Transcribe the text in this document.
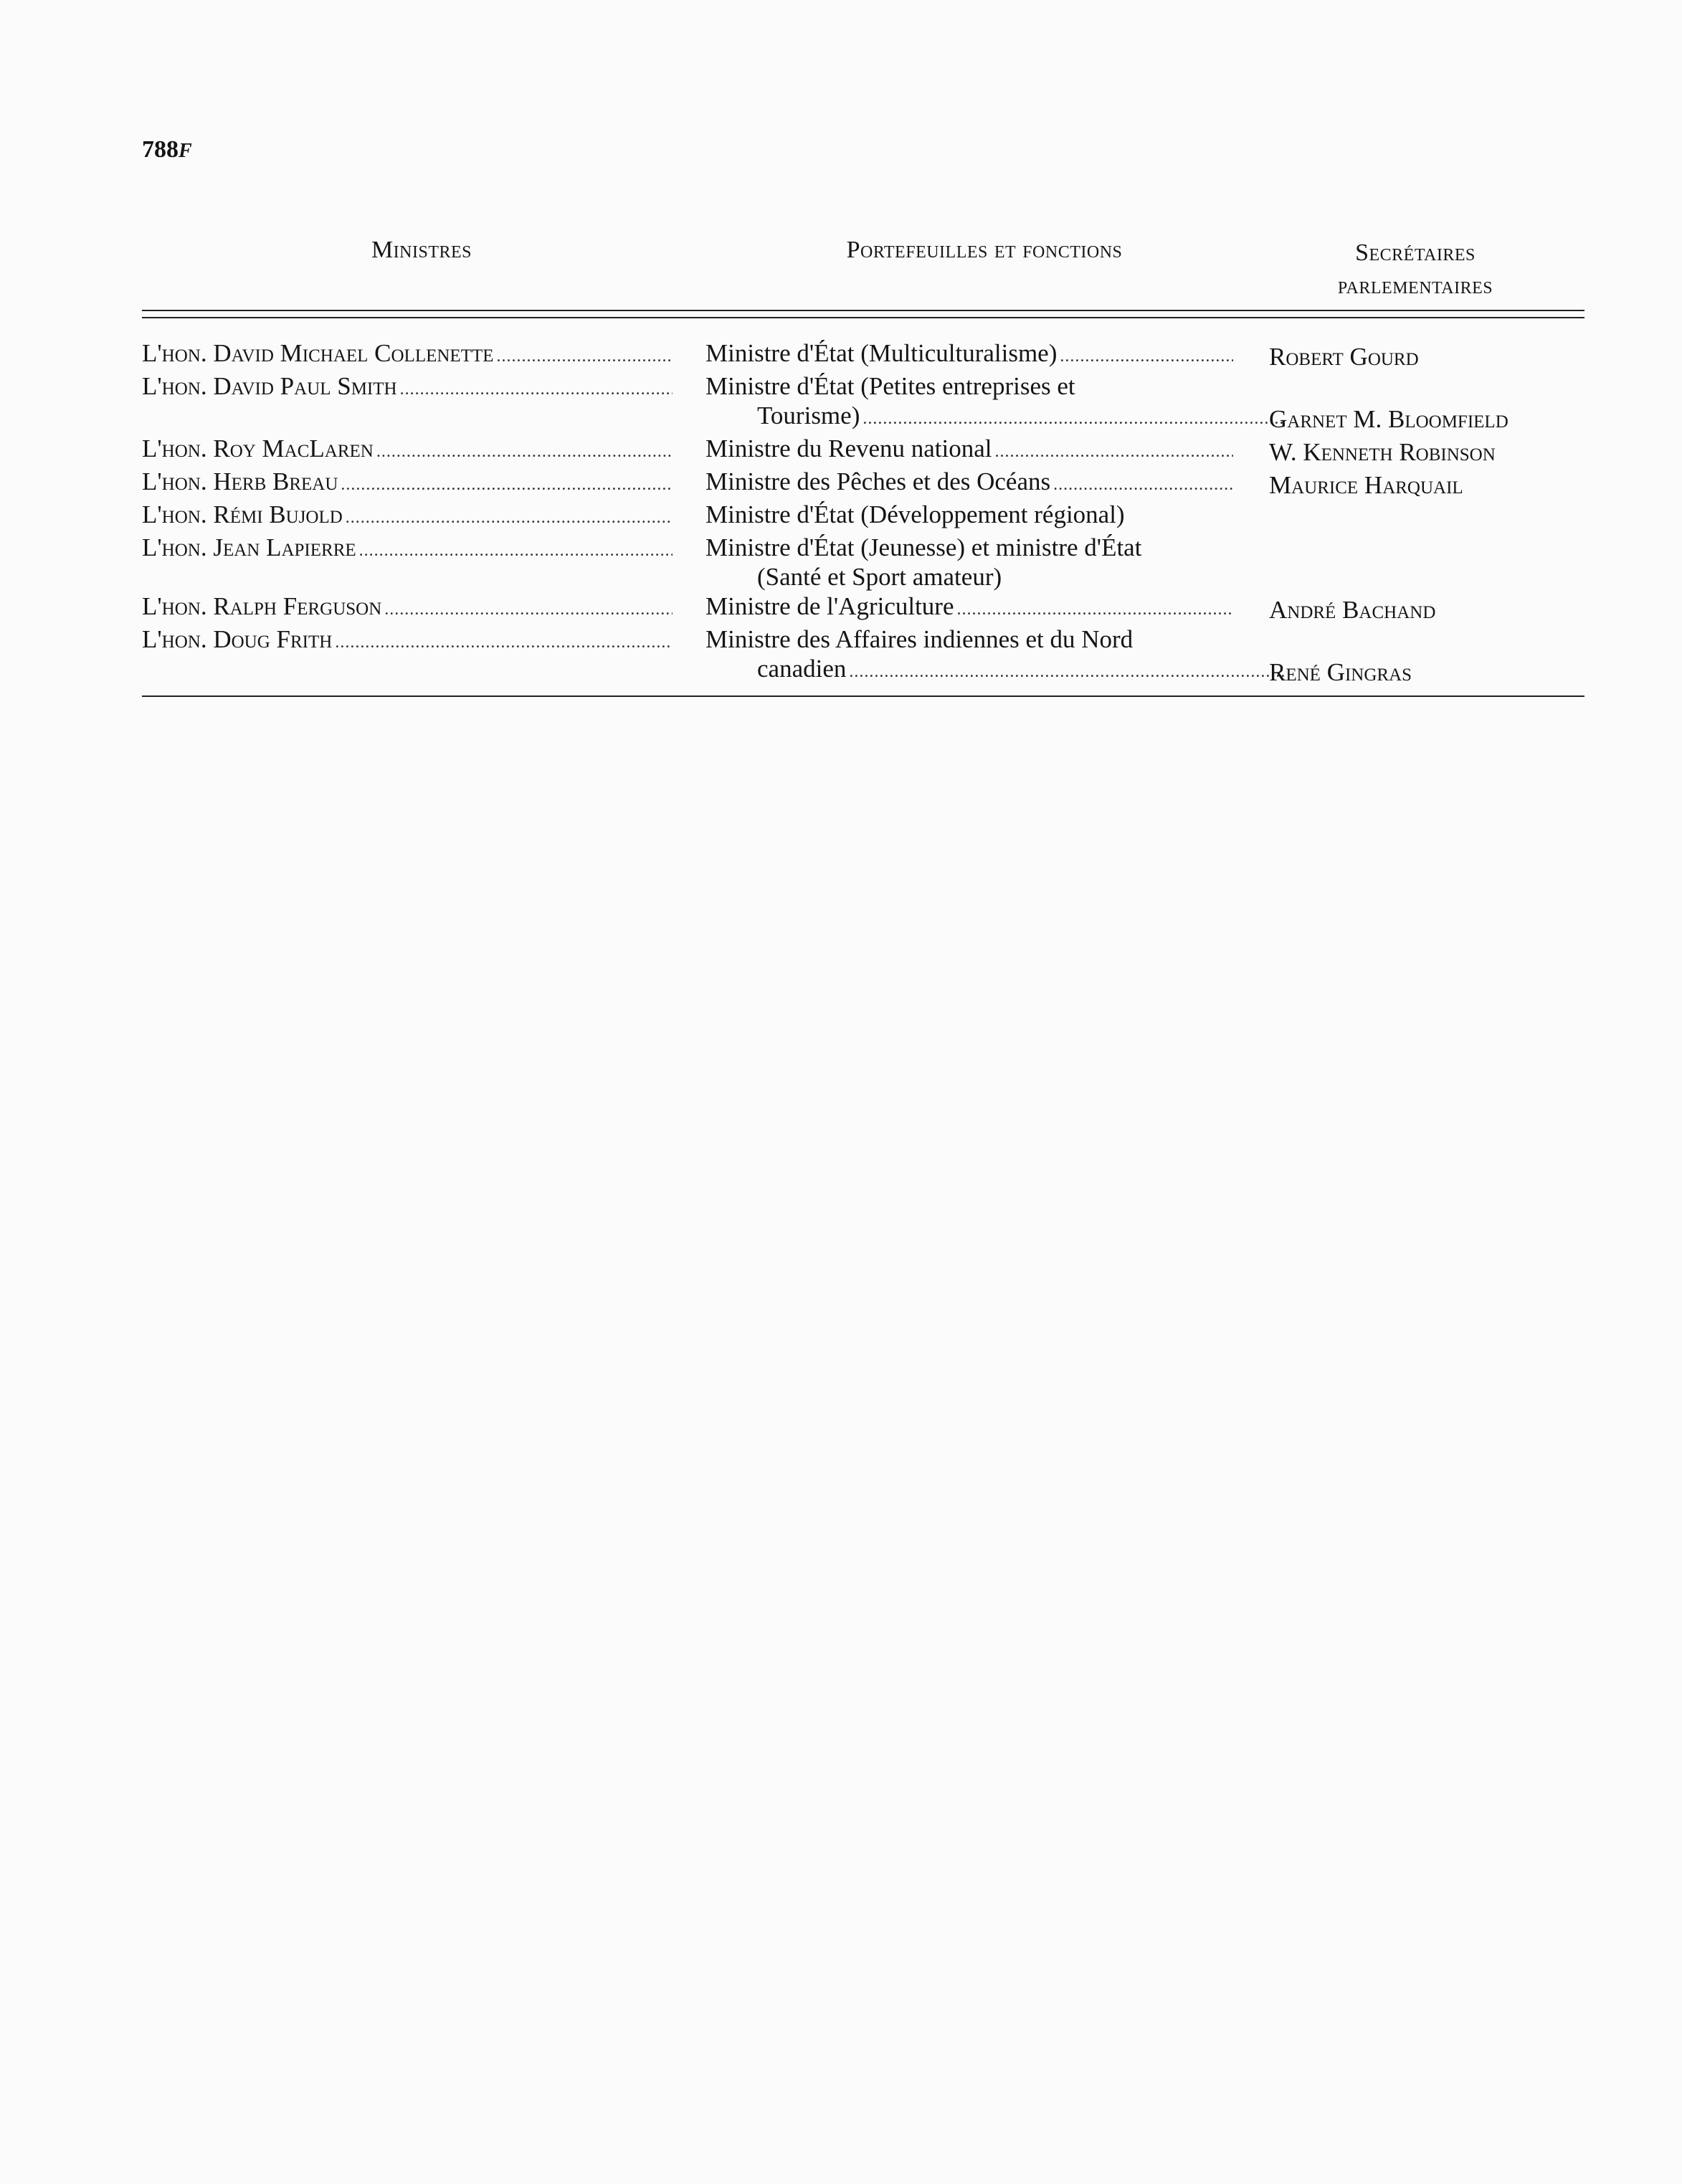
788F
Ministres	Portefeuilles et fonctions	Secrétaires
parlementaires
L'hon. David Michael Collenette .....	Ministre d'État (Multiculturalisme) .....	Robert Gourd
L'hon. David Paul Smith .....	Ministre d'État (Petites entreprises et
Tourisme) .....	Garnet M. Bloomfield
L'hon. Roy MacLaren .....	Ministre du Revenu national .....	W. Kenneth Robinson
L'hon. Herb Breau .....	Ministre des Pêches et des Océans .....	Maurice Harquail
L'hon. Rémi Bujold .....	Ministre d'État (Développement régional)
L'hon. Jean Lapierre .....	Ministre d'État (Jeunesse) et ministre d'État
(Santé et Sport amateur)
L'hon. Ralph Ferguson .....	Ministre de l'Agriculture .....	André Bachand
L'hon. Doug Frith .....	Ministre des Affaires indiennes et du Nord
canadien .....	René Gingras
